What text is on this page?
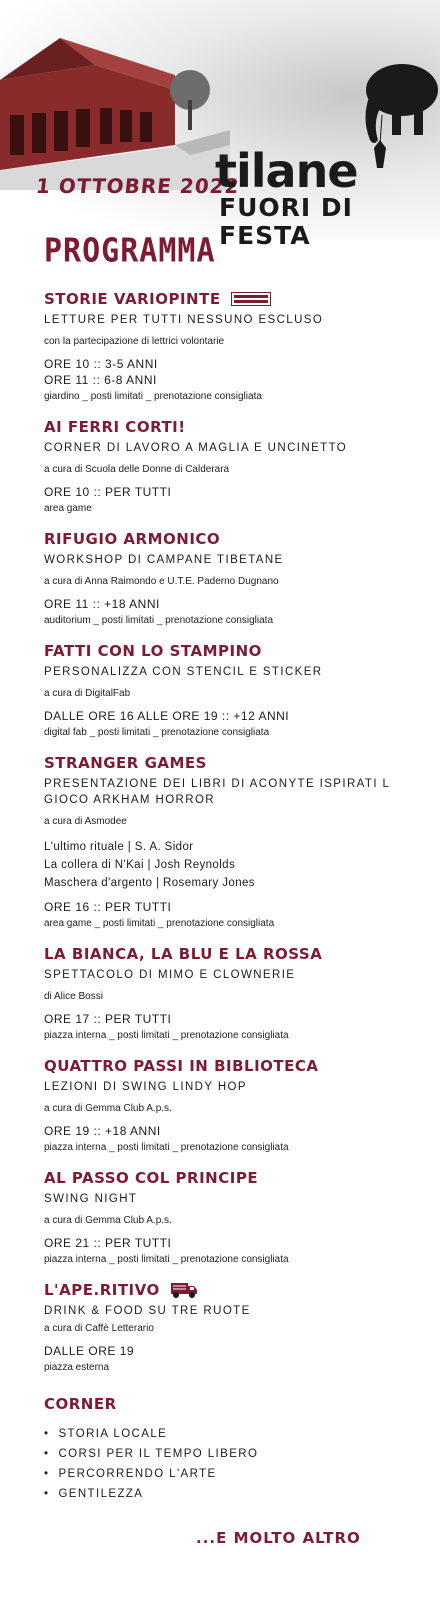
1 OTTOBRE 2022
tilane
FUORI DI FESTA
PROGRAMMA
STORIE VARIOPINTE
LETTURE PER TUTTI NESSUNO ESCLUSO
con la partecipazione di lettrici volontarie
ORE 10 :: 3-5 ANNI
ORE 11 :: 6-8 ANNI
giardino _ posti limitati _ prenotazione consigliata
AI FERRI CORTI!
CORNER DI LAVORO A MAGLIA E UNCINETTO
a cura di Scuola delle Donne di Calderara
ORE 10 :: PER TUTTI
area game
RIFUGIO ARMONICO
WORKSHOP DI CAMPANE TIBETANE
a cura di Anna Raimondo e U.T.E. Paderno Dugnano
ORE 11 :: +18 ANNI
auditorium _ posti limitati _ prenotazione consigliata
FATTI CON LO STAMPINO
PERSONALIZZA CON STENCIL E STICKER
a cura di DigitalFab
DALLE ORE 16 ALLE ORE 19 :: +12 ANNI
digital fab _ posti limitati _ prenotazione consigliata
STRANGER GAMES
PRESENTAZIONE DEI LIBRI DI ACONYTE ISPIRATI L GIOCO ARKHAM HORROR
a cura di Asmodee
L'ultimo rituale | S. A. Sidor
La collera di N'Kai | Josh Reynolds
Maschera d'argento | Rosemary Jones
ORE 16 :: PER TUTTI
area game _ posti limitati _ prenotazione consigliata
LA BIANCA, LA BLU E LA ROSSA
SPETTACOLO DI MIMO E CLOWNERIE
di Alice Bossi
ORE 17 :: PER TUTTI
piazza interna _ posti limitati _ prenotazione consigliata
QUATTRO PASSI IN BIBLIOTECA
LEZIONI DI SWING LINDY HOP
a cura di Gemma Club A.p.s.
ORE 19 :: +18 ANNI
piazza interna _ posti limitati _ prenotazione consigliata
AL PASSO COL PRINCIPE
SWING NIGHT
a cura di Gemma Club A.p.s.
ORE 21 :: PER TUTTI
piazza interna _ posti limitati _ prenotazione consigliata
L'APE.RITIVO
DRINK & FOOD SU TRE RUOTE
a cura di Caffè Letterario
DALLE ORE 19
piazza esterna
CORNER
• STORIA LOCALE
• CORSI PER IL TEMPO LIBERO
• PERCORRENDO L'ARTE
• GENTILEZZA
...E MOLTO ALTRO
